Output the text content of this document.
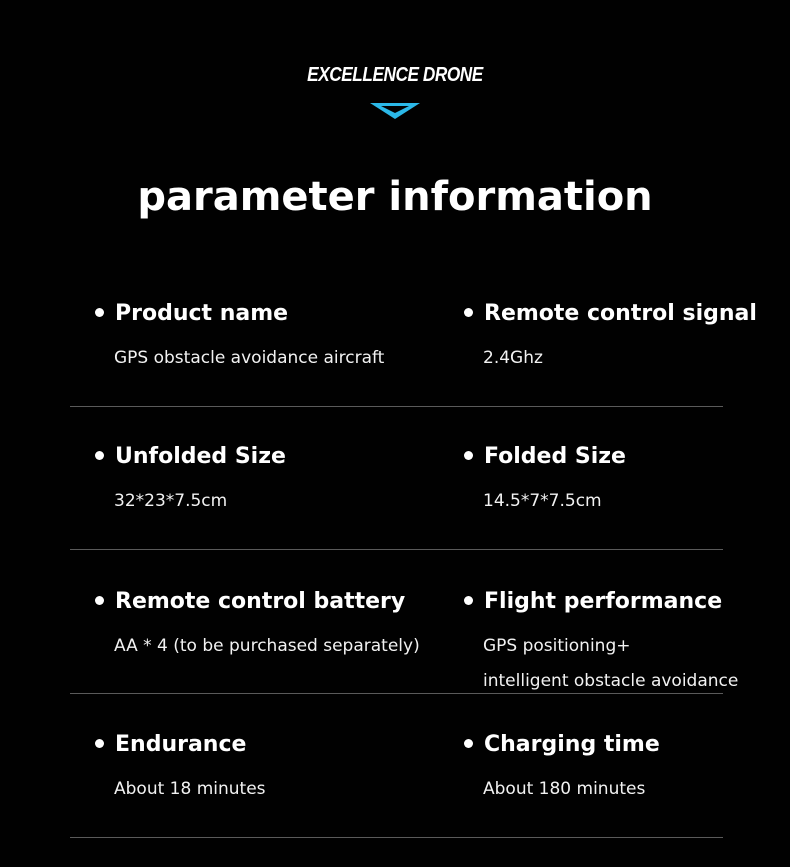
EXCELLENCE DRONE
parameter information
Product name
GPS obstacle avoidance aircraft
Remote control signal
2.4Ghz
Unfolded Size
32*23*7.5cm
Folded Size
14.5*7*7.5cm
Remote control battery
AA * 4 (to be purchased separately)
Flight performance
GPS positioning+
intelligent obstacle avoidance
Endurance
About 18 minutes
Charging time
About 180 minutes
